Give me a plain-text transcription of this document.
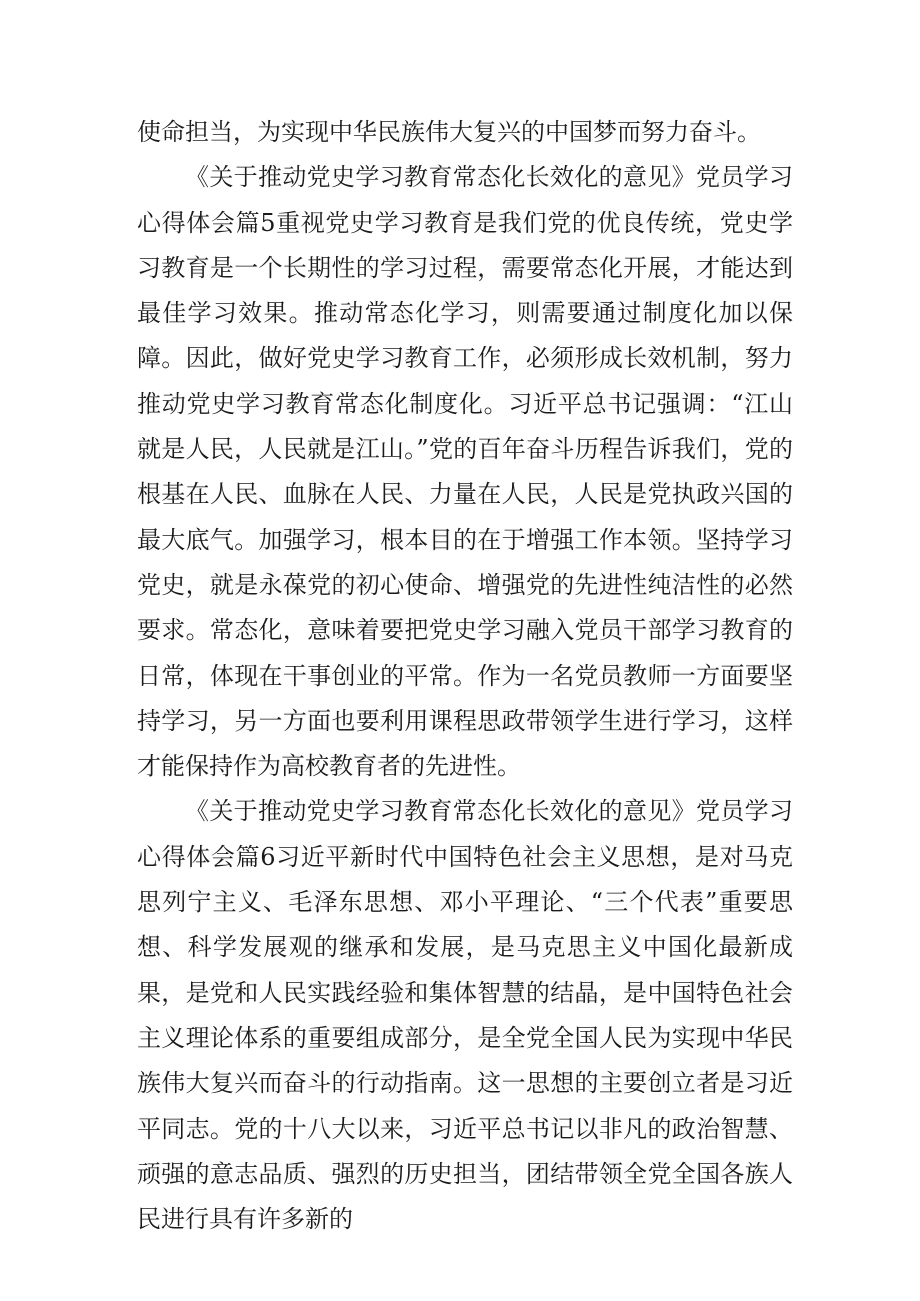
使命担当，为实现中华民族伟大复兴的中国梦而努力奋斗。

《关于推动党史学习教育常态化长效化的意见》党员学习心得体会篇5重视党史学习教育是我们党的优良传统，党史学习教育是一个长期性的学习过程，需要常态化开展，才能达到最佳学习效果。推动常态化学习，则需要通过制度化加以保障。因此，做好党史学习教育工作，必须形成长效机制，努力推动党史学习教育常态化制度化。习近平总书记强调：“江山就是人民，人民就是江山。”党的百年奋斗历程告诉我们，党的根基在人民、血脉在人民、力量在人民，人民是党执政兴国的最大底气。加强学习，根本目的在于增强工作本领。坚持学习党史，就是永葆党的初心使命、增强党的先进性纯洁性的必然要求。常态化，意味着要把党史学习融入党员干部学习教育的日常，体现在干事创业的平常。作为一名党员教师一方面要坚持学习，另一方面也要利用课程思政带领学生进行学习，这样才能保持作为高校教育者的先进性。

《关于推动党史学习教育常态化长效化的意见》党员学习心得体会篇6习近平新时代中国特色社会主义思想，是对马克思列宁主义、毛泽东思想、邓小平理论、“三个代表”重要思想、科学发展观的继承和发展，是马克思主义中国化最新成果，是党和人民实践经验和集体智慧的结晶，是中国特色社会主义理论体系的重要组成部分，是全党全国人民为实现中华民族伟大复兴而奋斗的行动指南。这一思想的主要创立者是习近平同志。党的十八大以来，习近平总书记以非凡的政治智慧、顽强的意志品质、强烈的历史担当，团结带领全党全国各族人民进行具有许多新的
